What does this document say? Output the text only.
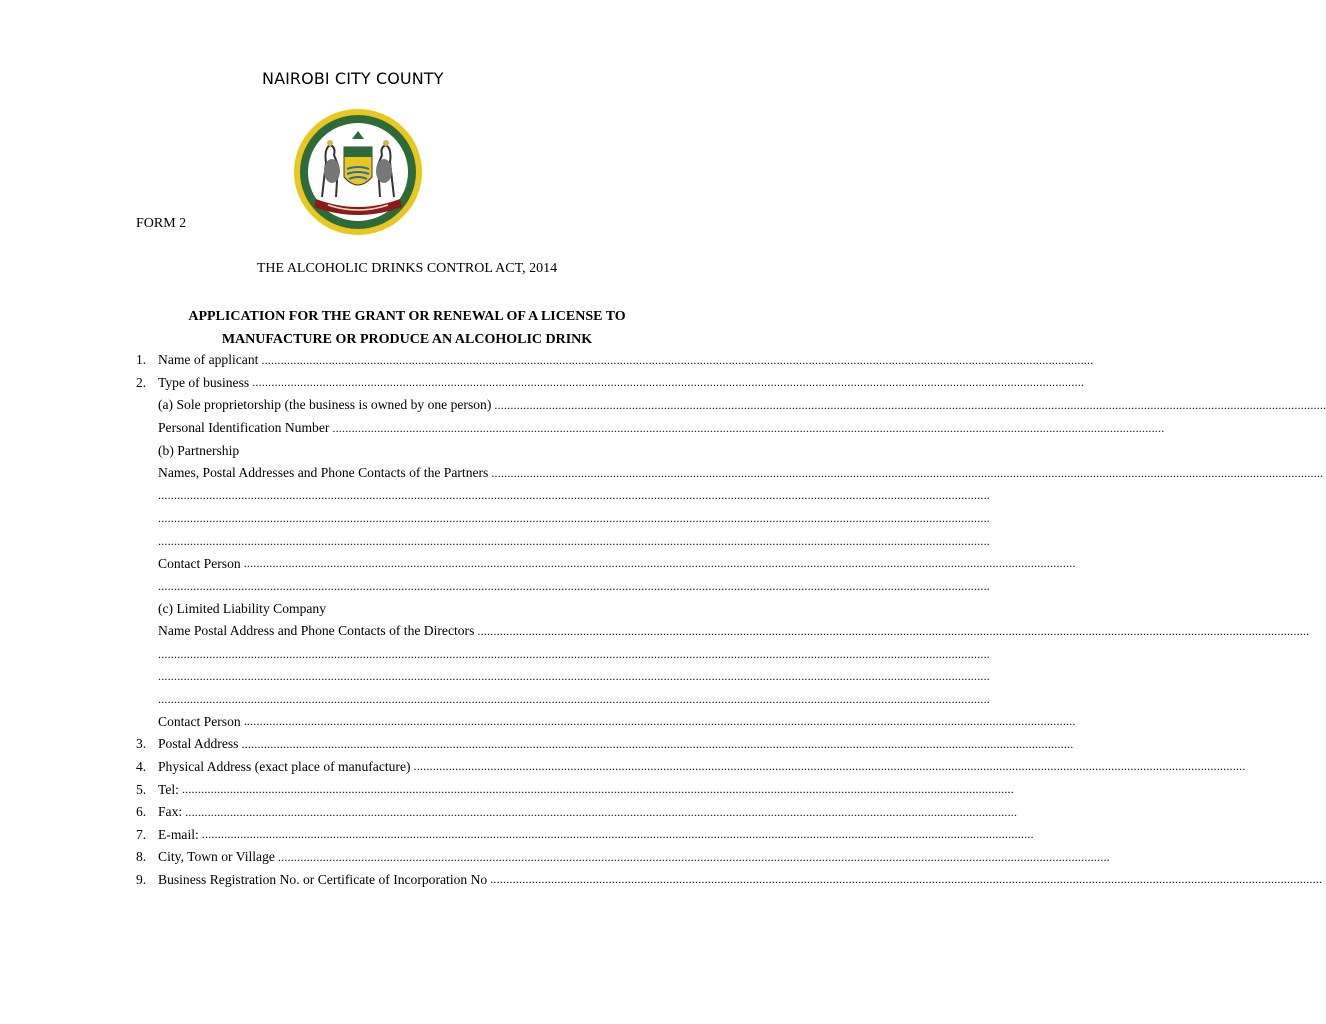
NAIROBI CITY COUNTY
FORM 2
THE ALCOHOLIC DRINKS CONTROL ACT, 2014
APPLICATION FOR THE GRANT OR RENEWAL OF A LICENSE TO
MANUFACTURE OR PRODUCE AN ALCOHOLIC DRINK
1. Name of applicant ....................................................................................................................................................................................................................................................................
2. Type of business ....................................................................................................................................................................................................................................................................
(a) Sole proprietorship (the business is owned by one person) ....................................................................................................................................................................................................................................................................
Personal Identification Number ....................................................................................................................................................................................................................................................................
(b) Partnership
Names, Postal Addresses and Phone Contacts of the Partners ....................................................................................................................................................................................................................................................................
....................................................................................................................................................................................................................................................................
....................................................................................................................................................................................................................................................................
....................................................................................................................................................................................................................................................................
Contact Person ....................................................................................................................................................................................................................................................................
....................................................................................................................................................................................................................................................................
(c) Limited Liability Company
Name Postal Address and Phone Contacts of the Directors ....................................................................................................................................................................................................................................................................
....................................................................................................................................................................................................................................................................
....................................................................................................................................................................................................................................................................
....................................................................................................................................................................................................................................................................
Contact Person ....................................................................................................................................................................................................................................................................
3. Postal Address ....................................................................................................................................................................................................................................................................
4. Physical Address (exact place of manufacture) ....................................................................................................................................................................................................................................................................
5. Tel: ....................................................................................................................................................................................................................................................................
6. Fax: ....................................................................................................................................................................................................................................................................
7. E-mail: ....................................................................................................................................................................................................................................................................
8. City, Town or Village ....................................................................................................................................................................................................................................................................
9. Business Registration No. or Certificate of Incorporation No ....................................................................................................................................................................................................................................................................
